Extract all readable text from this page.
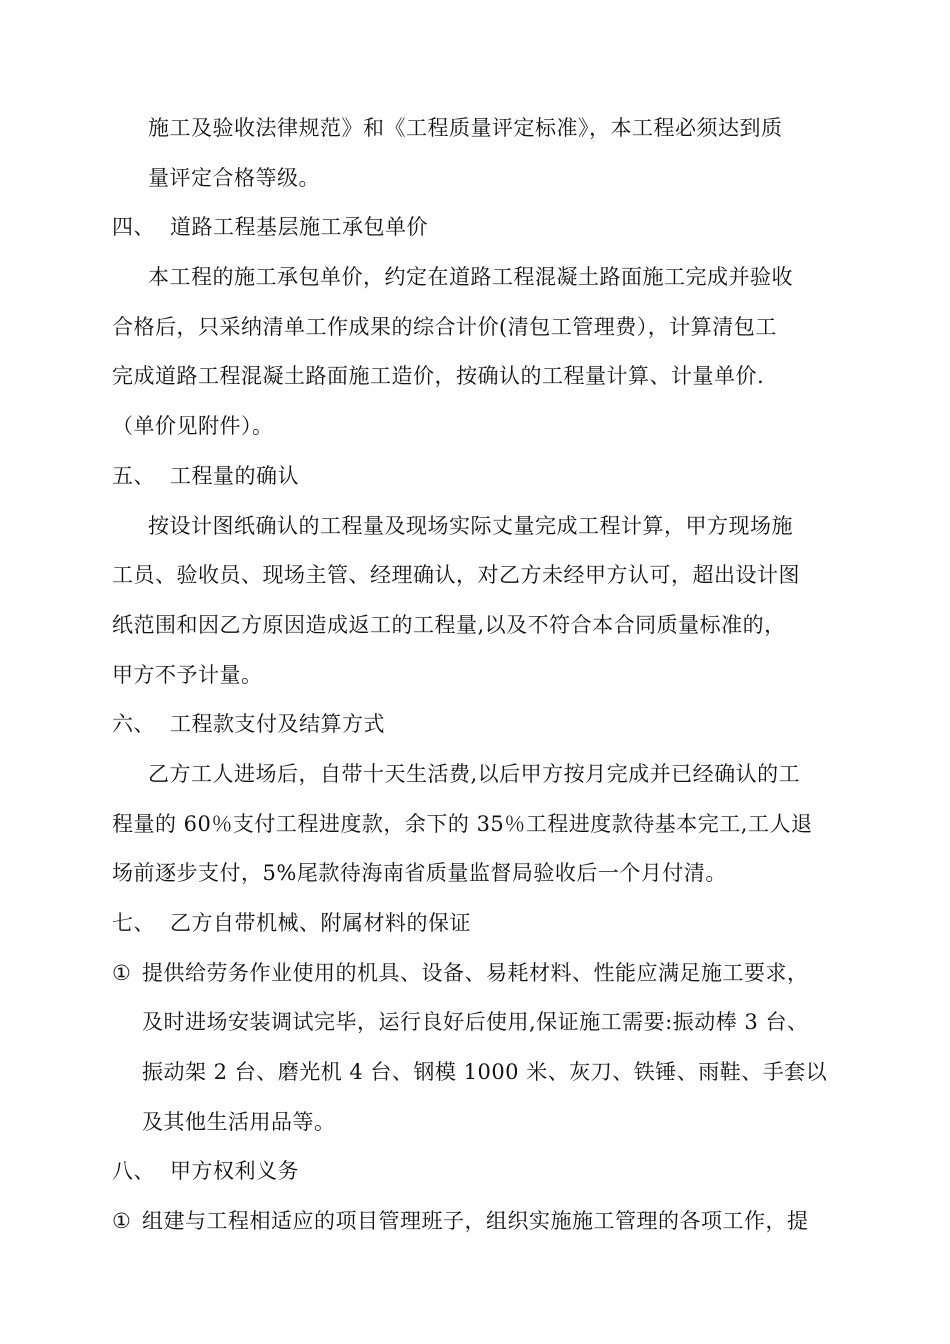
施工及验收法律规范》和《工程质量评定标准》，本工程必须达到质
量评定合格等级。
四、 道路工程基层施工承包单价
本工程的施工承包单价，约定在道路工程混凝土路面施工完成并验收
合格后，只采纳清单工作成果的综合计价(清包工管理费），计算清包工
完成道路工程混凝土路面施工造价，按确认的工程量计算、计量单价.
（单价见附件）。
五、 工程量的确认
按设计图纸确认的工程量及现场实际丈量完成工程计算，甲方现场施
工员、验收员、现场主管、经理确认，对乙方未经甲方认可，超出设计图
纸范围和因乙方原因造成返工的工程量,以及不符合本合同质量标准的，
甲方不予计量。
六、 工程款支付及结算方式
乙方工人进场后，自带十天生活费,以后甲方按月完成并已经确认的工
程量的 60％支付工程进度款，余下的 35％工程进度款待基本完工,工人退
场前逐步支付，5%尾款待海南省质量监督局验收后一个月付清。
七、 乙方自带机械、附属材料的保证
① 提供给劳务作业使用的机具、设备、易耗材料、性能应满足施工要求，
及时进场安装调试完毕，运行良好后使用,保证施工需要:振动棒 3 台、
振动架 2 台、磨光机 4 台、钢模 1000 米、灰刀、铁锤、雨鞋、手套以
及其他生活用品等。
八、 甲方权利义务
① 组建与工程相适应的项目管理班子，组织实施施工管理的各项工作，提
